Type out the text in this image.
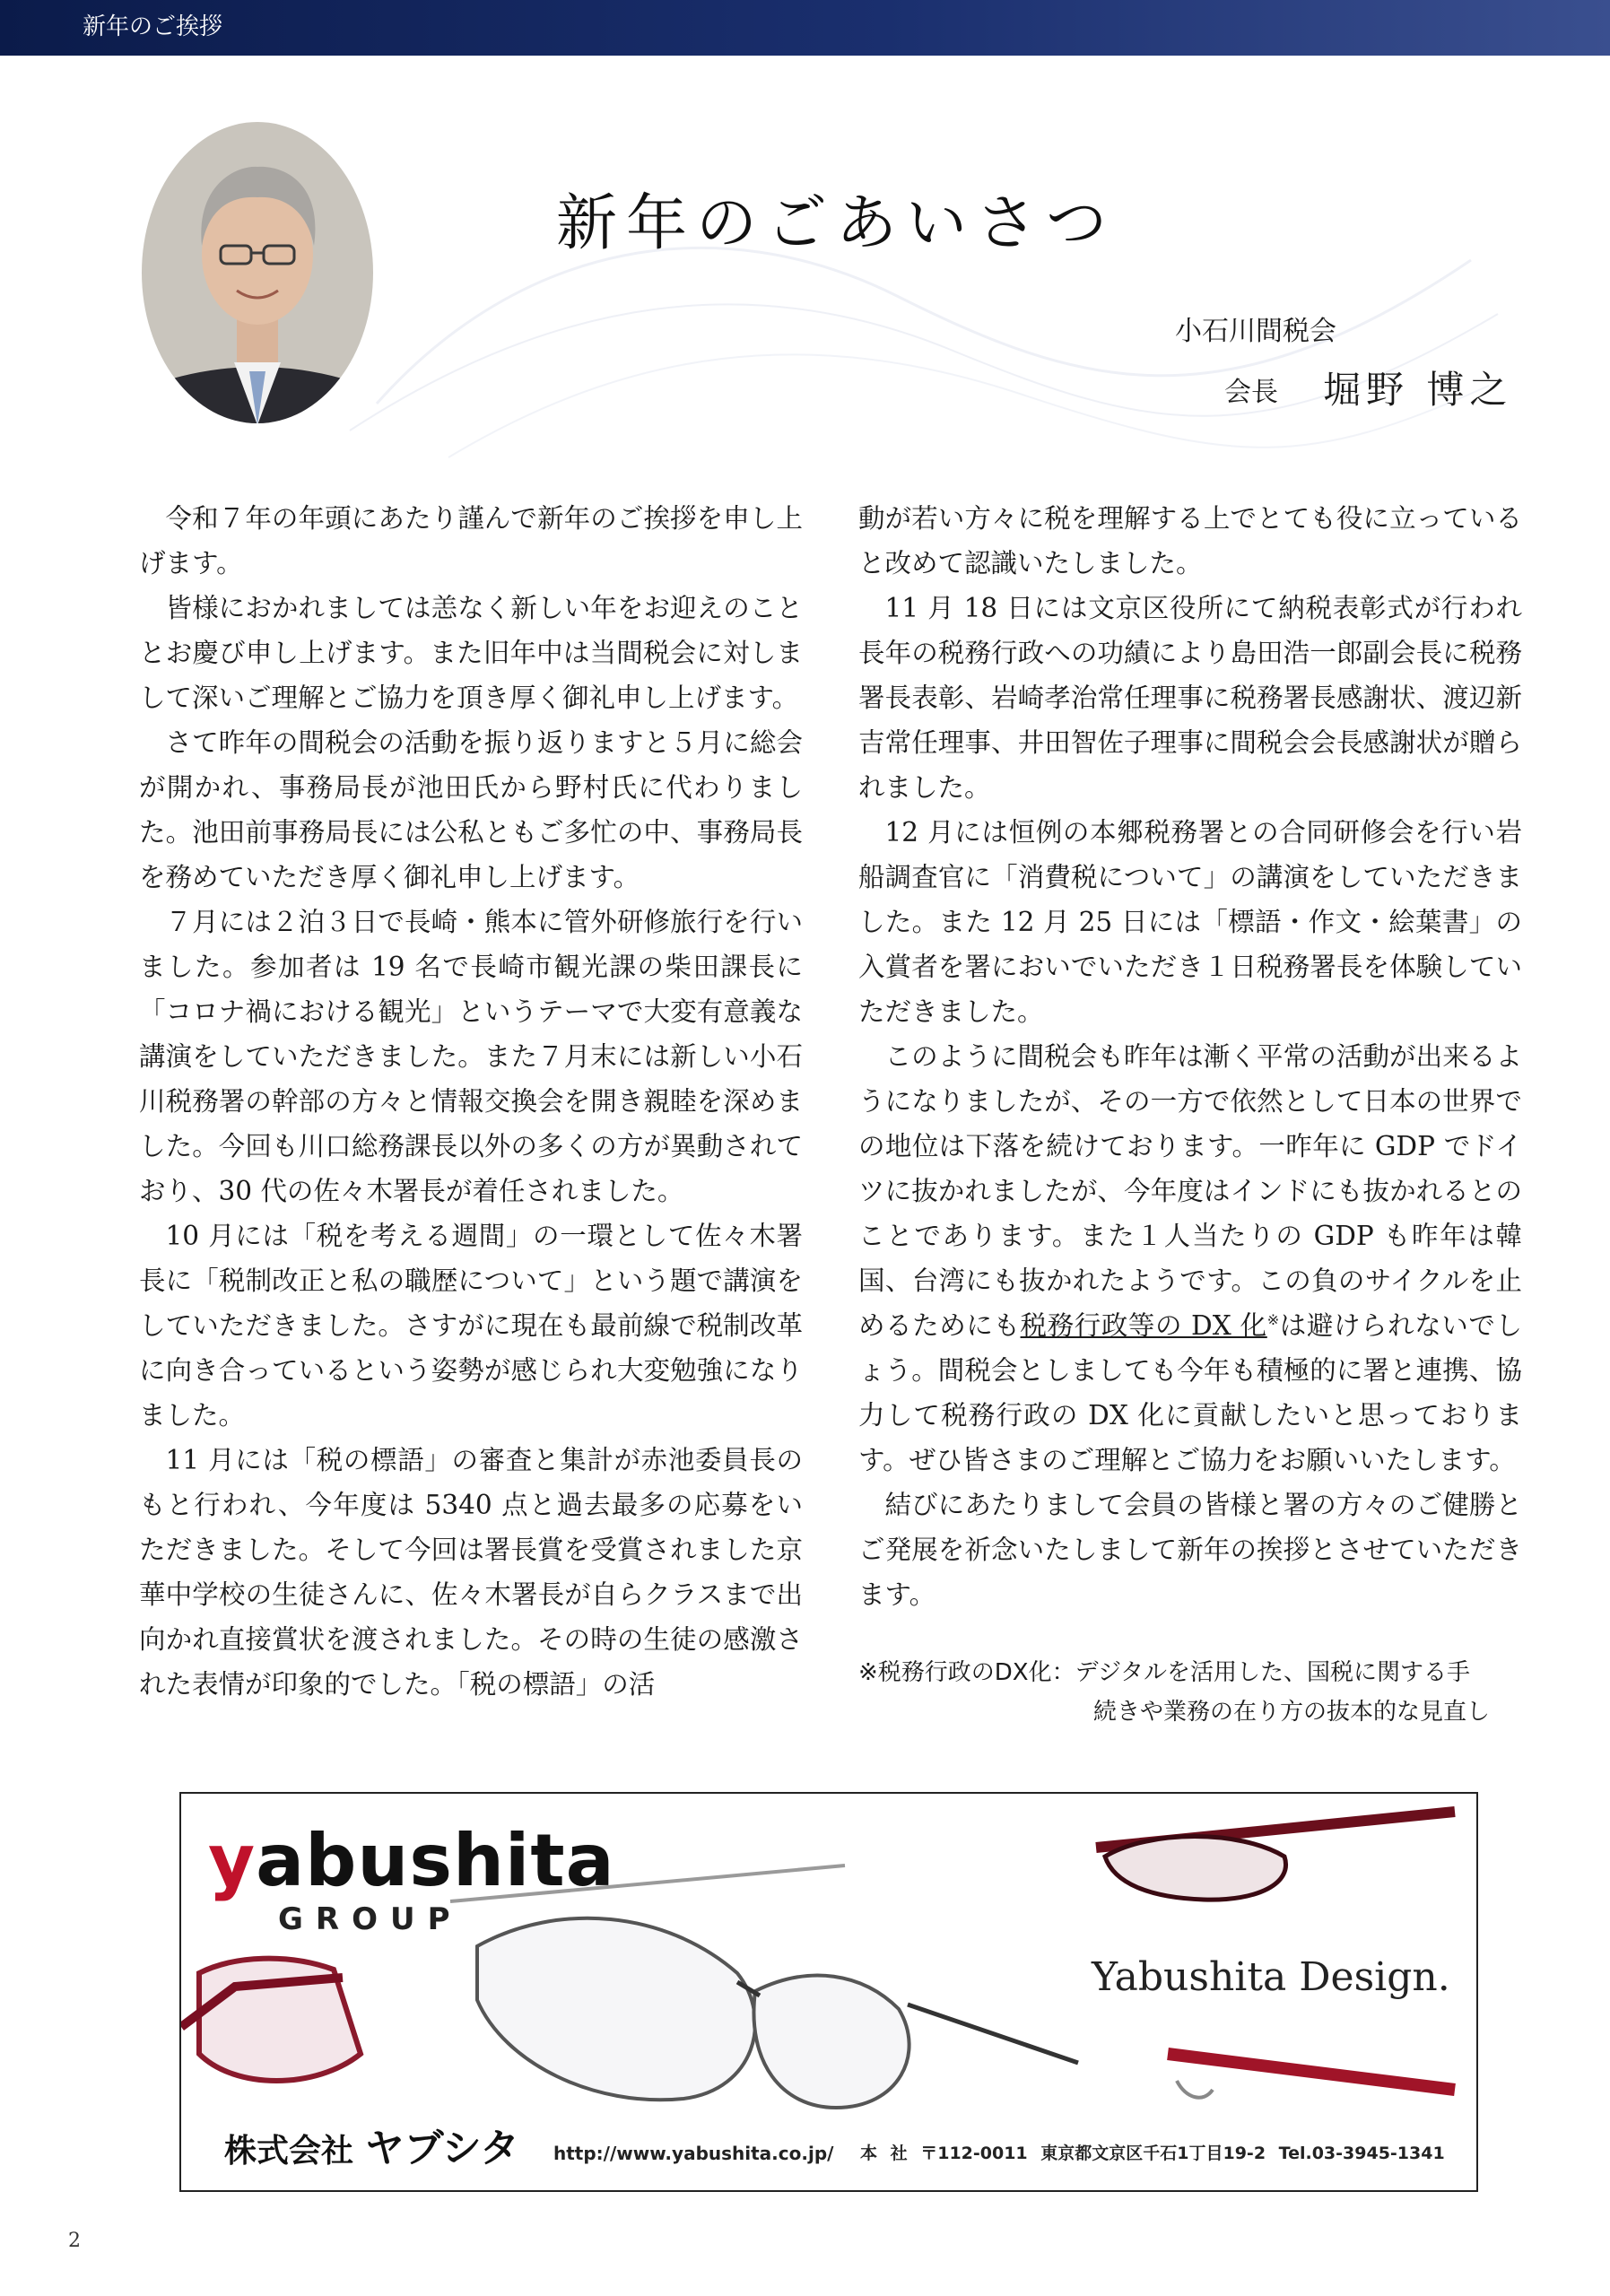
新年のご挨拶
新年のごあいさつ
小石川間税会
会長 堀野 博之

令和７年の年頭にあたり謹んで新年のご挨拶を申し上げます。

皆様におかれましては恙なく新しい年をお迎えのこととお慶び申し上げます。また旧年中は当間税会に対しまして深いご理解とご協力を頂き厚く御礼申し上げます。

さて昨年の間税会の活動を振り返りますと５月に総会が開かれ、事務局長が池田氏から野村氏に代わりました。池田前事務局長には公私ともご多忙の中、事務局長を務めていただき厚く御礼申し上げます。

７月には２泊３日で長崎・熊本に管外研修旅行を行いました。参加者は 19 名で長崎市観光課の柴田課長に「コロナ禍における観光」というテーマで大変有意義な講演をしていただきました。また７月末には新しい小石川税務署の幹部の方々と情報交換会を開き親睦を深めました。今回も川口総務課長以外の多くの方が異動されており、30 代の佐々木署長が着任されました。

10 月には「税を考える週間」の一環として佐々木署長に「税制改正と私の職歴について」という題で講演をしていただきました。さすがに現在も最前線で税制改革に向き合っているという姿勢が感じられ大変勉強になりました。

11 月には「税の標語」の審査と集計が赤池委員長のもと行われ、今年度は 5340 点と過去最多の応募をいただきました。そして今回は署長賞を受賞されました京華中学校の生徒さんに、佐々木署長が自らクラスまで出向かれ直接賞状を渡されました。その時の生徒の感激された表情が印象的でした。「税の標語」の活

動が若い方々に税を理解する上でとても役に立っていると改めて認識いたしました。

11 月 18 日には文京区役所にて納税表彰式が行われ長年の税務行政への功績により島田浩一郎副会長に税務署長表彰、岩崎孝治常任理事に税務署長感謝状、渡辺新吉常任理事、井田智佐子理事に間税会会長感謝状が贈られました。

12 月には恒例の本郷税務署との合同研修会を行い岩船調査官に「消費税について」の講演をしていただきました。また 12 月 25 日には「標語・作文・絵葉書」の入賞者を署においでいただき１日税務署長を体験していただきました。

このように間税会も昨年は漸く平常の活動が出来るようになりましたが、その一方で依然として日本の世界での地位は下落を続けております。一昨年に GDP でドイツに抜かれましたが、今年度はインドにも抜かれるとのことであります。また１人当たりの GDP も昨年は韓国、台湾にも抜かれたようです。この負のサイクルを止めるためにも税務行政等の DX 化※は避けられないでしょう。間税会としましても今年も積極的に署と連携、協力して税務行政の DX 化に貢献したいと思っております。ぜひ皆さまのご理解とご協力をお願いいたします。

結びにあたりまして会員の皆様と署の方々のご健勝とご発展を祈念いたしまして新年の挨拶とさせていただきます。

※税務行政のDX化：デジタルを活用した、国税に関する手
続きや業務の在り方の抜本的な見直し
yabushita
GROUP
Yabushita Design.
株式会社 ヤブシタ http://www.yabushita.co.jp/ 本 社 〒112-0011 東京都文京区千石1丁目19-2 Tel.03-3945-1341
2
